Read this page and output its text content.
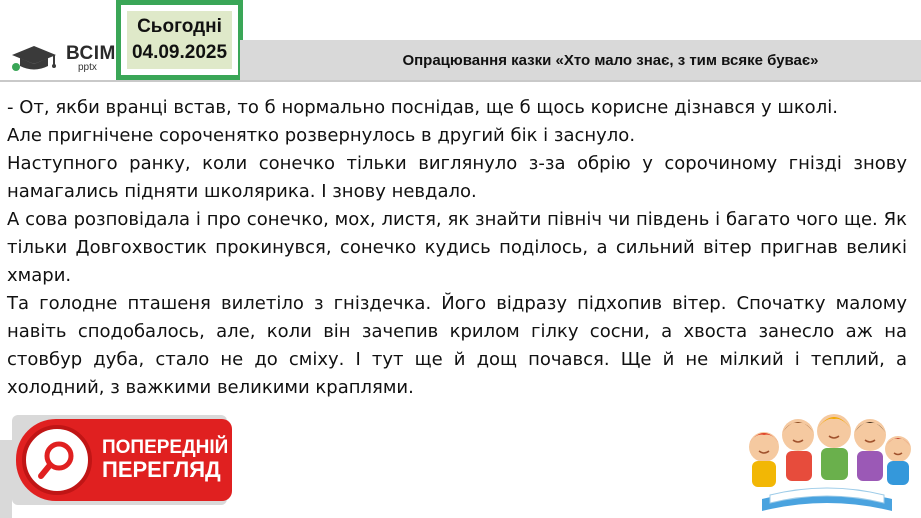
ВСІМ
pptx
Сьогодні
04.09.2025	Опрацювання казки «Хто мало знає, з тим всяке буває»

- От, якби вранці встав, то б нормально поснідав, ще б щось корисне дізнався у школі.

Але пригнічене сороченятко розвернулось в другий бік і заснуло.

Наступного ранку, коли сонечко тільки виглянуло з-за обрію у сорочиному гнізді знову намагались підняти школярика. І знову невдало.

А сова розповідала і про сонечко, мох, листя, як знайти північ чи південь і багато чого ще. Як тільки Довгохвостик прокинувся, сонечко кудись поділось, а сильний вітер пригнав великі хмари.

Та голодне пташеня вилетіло з гніздечка. Його відразу підхопив вітер. Спочатку малому навіть сподобалось, але, коли він зачепив крилом гілку сосни, а хвоста занесло аж на стовбур дуба, стало не до сміху. І тут ще й дощ почався. Ще й не мілкий і теплий, а холодний, з важкими великими краплями.

ПОПЕРЕДНІЙ
ПЕРЕГЛЯД
